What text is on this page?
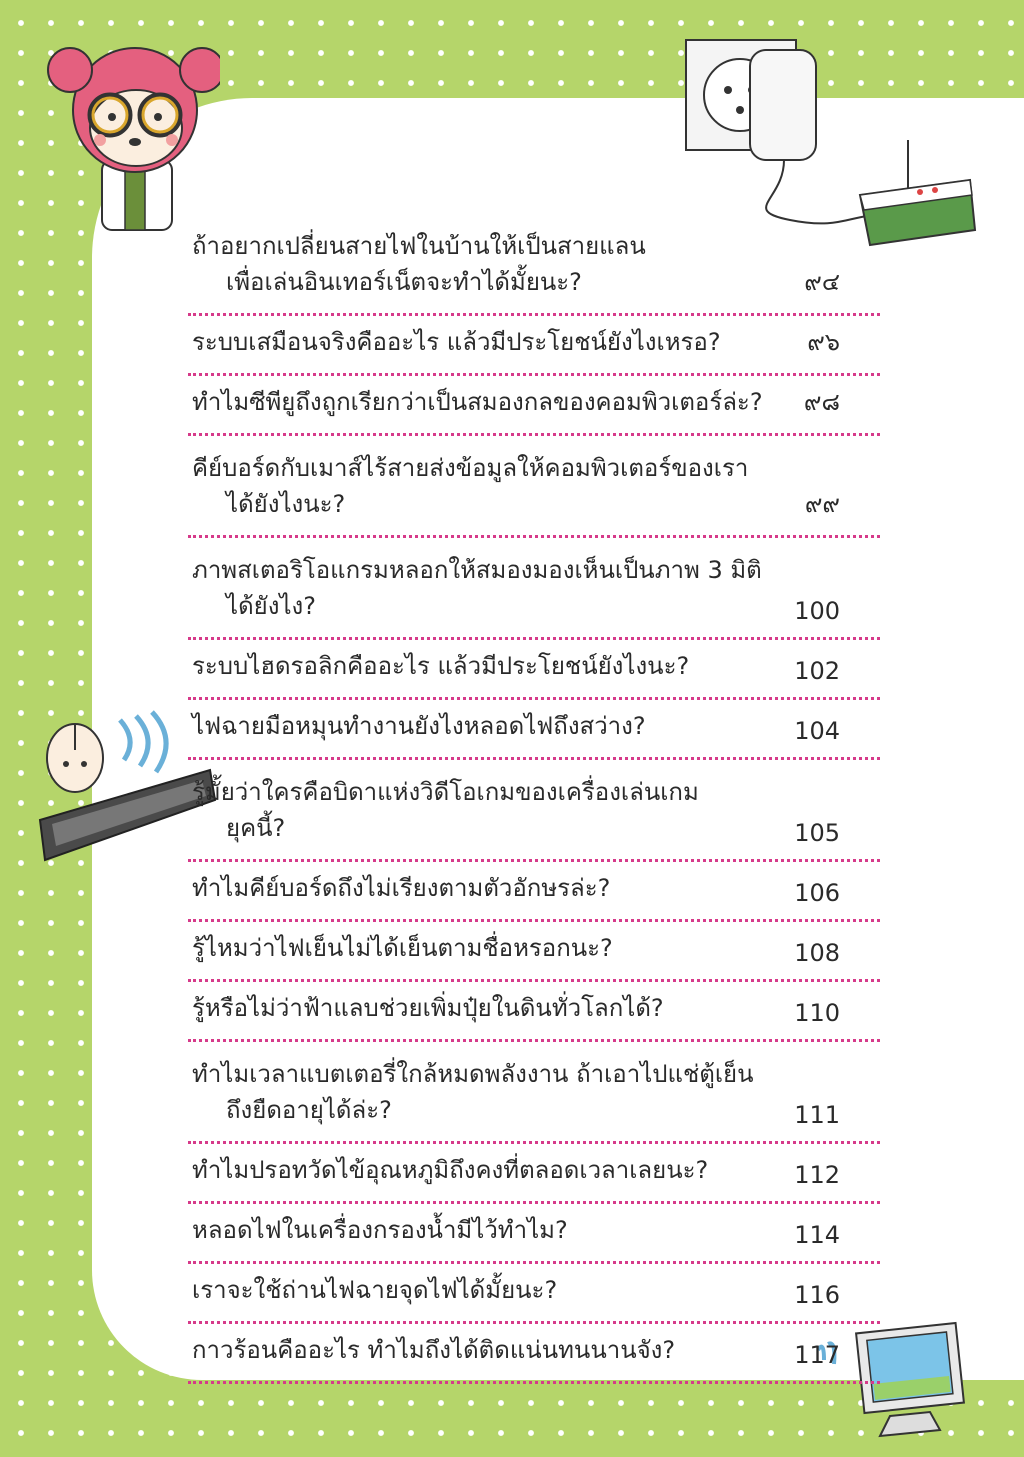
ถ้าอยากเปลี่ยนสายไฟในบ้านให้เป็นสายแลน
เพื่อเล่นอินเทอร์เน็ตจะทำได้มั้ยนะ?	๙๔
ระบบเสมือนจริงคืออะไร แล้วมีประโยชน์ยังไงเหรอ?	๙๖
ทำไมซีพียูถึงถูกเรียกว่าเป็นสมองกลของคอมพิวเตอร์ล่ะ? ๙๘
คีย์บอร์ดกับเมาส์ไร้สายส่งข้อมูลให้คอมพิวเตอร์ของเรา
ได้ยังไงนะ?	๙๙
ภาพสเตอริโอแกรมหลอกให้สมองมองเห็นเป็นภาพ 3 มิติ
ได้ยังไง?	100
ระบบไฮดรอลิกคืออะไร แล้วมีประโยชน์ยังไงนะ?	102
ไฟฉายมือหมุนทำงานยังไงหลอดไฟถึงสว่าง?	104
รู้มั้ยว่าใครคือบิดาแห่งวิดีโอเกมของเครื่องเล่นเกม
ยุคนี้?	105
ทำไมคีย์บอร์ดถึงไม่เรียงตามตัวอักษรล่ะ?	106
รู้ไหมว่าไฟเย็นไม่ได้เย็นตามชื่อหรอกนะ?	108
รู้หรือไม่ว่าฟ้าแลบช่วยเพิ่มปุ๋ยในดินทั่วโลกได้?	110
ทำไมเวลาแบตเตอรี่ใกล้หมดพลังงาน ถ้าเอาไปแช่ตู้เย็น
ถึงยืดอายุได้ล่ะ?	111
ทำไมปรอทวัดไข้อุณหภูมิถึงคงที่ตลอดเวลาเลยนะ?	112
หลอดไฟในเครื่องกรองน้ำมีไว้ทำไม?	114
เราจะใช้ถ่านไฟฉายจุดไฟได้มั้ยนะ?	116
กาวร้อนคืออะไร ทำไมถึงได้ติดแน่นทนนานจัง?	117
